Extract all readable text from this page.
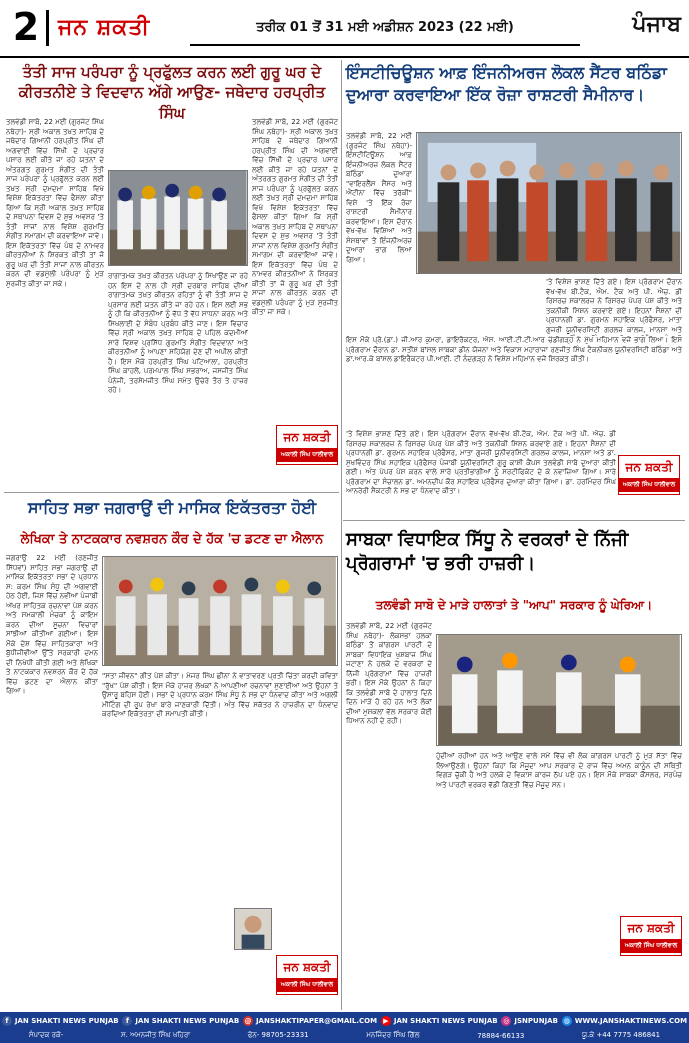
2 ਜਨ ਸ਼ਕਤੀ	ਤਰੀਕ 01 ਤੋਂ 31 ਮਈ ਅਡੀਸ਼ਨ 2023 (22 ਮਈ)	ਪੰਜਾਬ
ਤੰਤੀ ਸਾਜ ਪਰੰਪਰਾ ਨੂੰ ਪ੍ਰਫੁੱਲਤ ਕਰਨ ਲਈ ਗੁਰੂ ਘਰ ਦੇ ਕੀਰਤਨੀਏ ਤੇ ਵਿਦਵਾਨ ਅੱਗੇ ਆਉਣ- ਜਥੇਦਾਰ ਹਰਪ੍ਰੀਤ ਸਿੰਘ
ਤਲਵੰਡੀ ਸਾਬੋ, 22 ਮਈ (ਗੁਰਜੰਟ ਸਿੰਘ ਨਥੇਹਾ)- ਸ੍ਰੀ ਅਕਾਲ ਤਖ਼ਤ ਸਾਹਿਬ ਦੇ ਜਥੇਦਾਰ ਗਿਆਨੀ ਹਰਪ੍ਰੀਤ ਸਿੰਘ ਦੀ ਅਗਵਾਈ ਵਿੱਚ ਸਿੱਖੀ ਦੇ ਪ੍ਰਚਾਰ ਪਸਾਰ ਲਈ ਕੀਤੇ ਜਾ ਰਹੇ ਯਤਨਾਂ ਦੇ ਅੰਤਰਗਤ ਗੁਰਮਤ ਸੰਗੀਤ ਦੀ ਤੰਤੀ ਸਾਜ ਪਰੰਪਰਾ ਨੂੰ ਪ੍ਰਫੁੱਲਤ ਕਰਨ ਲਈ ਤਖ਼ਤ ਸ੍ਰੀ ਦਮਦਮਾ ਸਾਹਿਬ ਵਿਖੇ ਵਿਸ਼ੇਸ਼ ਇਕੱਤਰਤਾ ਵਿੱਚ ਫੈਸਲਾ ਕੀਤਾ ਗਿਆ ਕਿ ਸ੍ਰੀ ਅਕਾਲ ਤਖ਼ਤ ਸਾਹਿਬ ਦੇ ਸਥਾਪਨਾ ਦਿਵਸ ਦੇ ਸ਼ੁਭ ਅਵਸਰ 'ਤੇ ਤੰਤੀ ਸਾਜਾਂ ਨਾਲ ਵਿਸ਼ੇਸ਼ ਗੁਰਮਤਿ ਸੰਗੀਤ ਸਮਾਗਮ ਦੀ ਕਰਵਾਇਆ ਜਾਵੇ। ਇਸ ਇਕੱਤਰਤਾ ਵਿੱਚ ਪੰਥ ਦੇ ਨਾਮਵਰ ਕੀਰਤਨੀਆਂ ਨੇ ਸ਼ਿਰਕਤ ਕੀਤੀ ਤਾਂ ਜੋ ਗੁਰੂ ਘਰ ਦੀ ਤੰਤੀ ਸਾਜਾਂ ਨਾਲ ਕੀਰਤਨ ਕਰਨ ਦੀ ਵਡਮੁੱਲੀ ਪਰੰਪਰਾ ਨੂੰ ਮੁੜ ਸੁਰਜੀਤ ਕੀਤਾ ਜਾ ਸਕੇ।
ਰਾਗਾਤਮਕ ਤਖ਼ਤ ਕੀਰਤਨ ਪਰੰਪਰਾ ਨੂੰ ਸਿਖਾਉਣ ਜਾ ਰਹੇ ਹਨ ਇਸ ਦੇ ਨਾਲ ਹੀ ਸ੍ਰੀ ਦਰਬਾਰ ਸਾਹਿਬ ਦੀਆਂ ਰਾਗਾਤਮਕ ਤਖ਼ਤ ਕੀਰਤਨ ਰਹਿਤਾਂ ਨੂੰ ਵੀ ਤੰਤੀ ਸਾਜ ਦੇ ਪ੍ਰਸਾਰ ਲਈ ਯਤਨ ਕੀਤੇ ਜਾ ਰਹੇ ਹਨ। ਇਸ ਲਈ ਸਭ ਨੂੰ ਹੀ ਕਿ ਕੀਰਤਨੀਆਂ ਨੂੰ ਵੱਧ ਤੋਂ ਵੱਧ ਸਾਧਨਾ ਕਰਨ ਅਤੇ ਸਿਖਲਾਈ ਦੇ ਸੰਬੰਧ ਪ੍ਰਬੰਧ ਕੀਤੇ ਜਾਣ। ਇਸ ਵਿਚਾਰ ਵਿੱਚ ਸ੍ਰੀ ਅਕਾਲ ਤਖ਼ਤ ਸਾਹਿਬ ਦੇ ਪਹਿਲ ਕਦਮੀਆਂ ਸਾਰੇ ਵਿਸ਼ਵ ਪ੍ਰਸਿੱਧ ਗੁਰਮਤਿ ਸੰਗੀਤ ਵਿਦਵਾਨਾਂ ਅਤੇ ਕੀਰਤਨੀਆਂ ਨੂੰ ਆਪਣਾ ਸਹਿਯੋਗ ਦੇਣ ਦੀ ਅਪੀਲ ਕੀਤੀ ਹੈ। ਇਸ ਮੌਕੇ ਹਰਪ੍ਰੀਤ ਸਿੰਘ ਪਟਿਆਲਾ, ਹਰਪ੍ਰੀਤ ਸਿੰਘ ਕਾਹਲੋਂ, ਪਰਮਪਾਲ ਸਿੰਘ ਸਭਰਾਅ, ਜਸਜੀਤ ਸਿੰਘ ਪੰਨੇਜੀ, ਤਰਸੇਮਜੀਤ ਸਿੰਘ ਸਮੇਤ ਉਚੇਰੇ ਤੌਰ ਤੇ ਹਾਜ਼ਰ ਰਹੇ।
ਤਲਵੰਡੀ ਸਾਬੋ, 22 ਮਈ (ਗੁਰਜੰਟ ਸਿੰਘ ਨਥੇਹਾ)- ਸ੍ਰੀ ਅਕਾਲ ਤਖ਼ਤ ਸਾਹਿਬ ਦੇ ਜਥੇਦਾਰ ਗਿਆਨੀ ਹਰਪ੍ਰੀਤ ਸਿੰਘ ਦੀ ਅਗਵਾਈ ਵਿੱਚ ਸਿੱਖੀ ਦੇ ਪ੍ਰਚਾਰ ਪਸਾਰ ਲਈ ਕੀਤੇ ਜਾ ਰਹੇ ਯਤਨਾਂ ਦੇ ਅੰਤਰਗਤ ਗੁਰਮਤ ਸੰਗੀਤ ਦੀ ਤੰਤੀ ਸਾਜ ਪਰੰਪਰਾ ਨੂੰ ਪ੍ਰਫੁੱਲਤ ਕਰਨ ਲਈ ਤਖ਼ਤ ਸ੍ਰੀ ਦਮਦਮਾ ਸਾਹਿਬ ਵਿਖੇ ਵਿਸ਼ੇਸ਼ ਇਕੱਤਰਤਾ ਵਿੱਚ ਫੈਸਲਾ ਕੀਤਾ ਗਿਆ ਕਿ ਸ੍ਰੀ ਅਕਾਲ ਤਖ਼ਤ ਸਾਹਿਬ ਦੇ ਸਥਾਪਨਾ ਦਿਵਸ ਦੇ ਸ਼ੁਭ ਅਵਸਰ 'ਤੇ ਤੰਤੀ ਸਾਜਾਂ ਨਾਲ ਵਿਸ਼ੇਸ਼ ਗੁਰਮਤਿ ਸੰਗੀਤ ਸਮਾਗਮ ਦੀ ਕਰਵਾਇਆ ਜਾਵੇ। ਇਸ ਇਕੱਤਰਤਾ ਵਿੱਚ ਪੰਥ ਦੇ ਨਾਮਵਰ ਕੀਰਤਨੀਆਂ ਨੇ ਸ਼ਿਰਕਤ ਕੀਤੀ ਤਾਂ ਜੋ ਗੁਰੂ ਘਰ ਦੀ ਤੰਤੀ ਸਾਜਾਂ ਨਾਲ ਕੀਰਤਨ ਕਰਨ ਦੀ ਵਡਮੁੱਲੀ ਪਰੰਪਰਾ ਨੂੰ ਮੁੜ ਸੁਰਜੀਤ ਕੀਤਾ ਜਾ ਸਕੇ।
ਜਨ ਸ਼ਕਤੀ
ਅਕਾਲੀ ਸਿੰਘ ਧਾਲੀਵਾਲ
ਇੰਸਟੀਚਿਊਸ਼ਨ ਆਫ਼ ਇੰਜਨੀਅਰਜ ਲੋਕਲ ਸੈਂਟਰ ਬਠਿੰਡਾ ਦੁਆਰਾ ਕਰਵਾਇਆ ਇੱਕ ਰੋਜ਼ਾ ਰਾਸ਼ਟਰੀ ਸੈਮੀਨਾਰ।
ਤਲਵੰਡੀ ਸਾਬੋ, 22 ਮਈ (ਗੁਰਜੰਟ ਸਿੰਘ ਨਥੇਹਾ)- ਇੰਸਟੀਟਿਊਸ਼ਨ ਆਫ਼ ਇੰਜਨੀਅਰਜ਼ ਲੋਕਲ ਸੈਂਟਰ ਬਠਿੰਡਾ ਦੁਆਰਾ "ਵਾਇਰਲੈੱਸ ਸੈਂਸਰ ਅਤੇ ਐਂਟੀਨਾ ਵਿੱਚ ਤਰੱਕੀ" ਵਿਸ਼ੇ 'ਤੇ ਇੱਕ ਰੋਜ਼ਾ ਰਾਸ਼ਟਰੀ ਸੈਮੀਨਾਰ ਕਰਵਾਇਆ। ਇਸ ਦੌਰਾਨ ਵੱਖ-ਵੱਖ ਵਿਸ਼ਿਆਂ ਅਤੇ ਸੰਸਥਾਵਾਂ ਤੋਂ ਇੰਜਨੀਅਰਜ਼ ਦੁਆਰਾ ਭਾਗ ਲਿਆ ਗਿਆ।
ਇਸ ਮੌਕੇ ਪ੍ਰੋ.(ਡਾ.) ਜੀ.ਆਰ ਕੁਮਰਾ, ਡਾਇਰੈਕਟਰ, ਐਸ. ਆਈ.ਟੀ.ਟੀ.ਆਰ ਚੰਡੀਗੜ੍ਹ ਨੇ ਮੁੱਖ ਮਹਿਮਾਨ ਵਜੋਂ ਭਾਗ ਲਿਆ। ਇਸ ਪ੍ਰੋਗਰਾਮ ਦੌਰਾਨ ਡਾ. ਸਤੀਸ਼ ਬਾਂਸਲ ਸਾਬਕਾ ਡੀਨ ਯੋਜਨਾ ਅਤੇ ਵਿਕਾਸ ਮਹਾਰਾਜਾ ਰਣਜੀਤ ਸਿੰਘ ਟੈਕਨੀਕਲ ਯੂਨੀਵਰਸਿਟੀ ਬਠਿੰਡਾ ਅਤੇ ਡਾ.ਆਰ.ਕੇ ਬਾਂਸਲ ਡਾਇਰੈਕਟਰ ਪੀ.ਆਈ. ਟੀ ਨੰਦਗੜ੍ਹ ਨੇ ਵਿਸ਼ੇਸ਼ ਮਹਿਮਾਨ ਵਜੋਂ ਸ਼ਿਰਕਤ ਕੀਤੀ।
'ਤੇ ਵਿਸ਼ੇਸ਼ ਭਾਸ਼ਣ ਦਿੱਤੇ ਗਏ। ਇਸ ਪ੍ਰੋਗਰਾਮ ਦੌਰਾਨ ਵੱਖ-ਵੱਖ ਬੀ.ਟੈਕ, ਐਮ. ਟੈਕ ਅਤੇ ਪੀ. ਐਚ. ਡੀ ਰਿਸਰਚ ਸਕਾਲਰਜ਼ ਨੇ ਰਿਸਰਚ ਪੇਪਰ ਪੇਸ਼ ਕੀਤੇ ਅਤੇ ਤਕਨੀਕੀ ਸਿਸ਼ਨ ਕਰਵਾਏ ਗਏ। ਇਹਨਾਂ ਸੈਸ਼ਨਾਂ ਦੀ ਪ੍ਰਧਾਨਗੀ ਡਾ. ਗੁਰਮਨ ਸਹਾਇਕ ਪ੍ਰੋਫੈਸਰ, ਮਾਤਾ ਗੁਜਰੀ ਯੂਨੀਵਰਸਿਟੀ ਗਰਲਜ਼ ਕਾਲਜ, ਮਾਨਸਾ ਅਤੇ
'ਤੇ ਵਿਸ਼ੇਸ਼ ਭਾਸ਼ਣ ਦਿੱਤੇ ਗਏ। ਇਸ ਪ੍ਰੋਗਰਾਮ ਦੌਰਾਨ ਵੱਖ-ਵੱਖ ਬੀ.ਟੈਕ, ਐਮ. ਟੈਕ ਅਤੇ ਪੀ. ਐਚ. ਡੀ ਰਿਸਰਚ ਸਕਾਲਰਜ਼ ਨੇ ਰਿਸਰਚ ਪੇਪਰ ਪੇਸ਼ ਕੀਤੇ ਅਤੇ ਤਕਨੀਕੀ ਸਿਸ਼ਨ ਕਰਵਾਏ ਗਏ। ਇਹਨਾਂ ਸੈਸ਼ਨਾਂ ਦੀ ਪ੍ਰਧਾਨਗੀ ਡਾ. ਗੁਰਮਨ ਸਹਾਇਕ ਪ੍ਰੋਫੈਸਰ, ਮਾਤਾ ਗੁਜਰੀ ਯੂਨੀਵਰਸਿਟੀ ਗਰਲਜ਼ ਕਾਲਜ, ਮਾਨਸਾ ਅਤੇ ਡਾ. ਸੁਖਵਿੰਦਰ ਸਿੰਘ ਸਹਾਇਕ ਪ੍ਰੋਫੈਸਰ ਪੰਜਾਬੀ ਯੂਨੀਵਰਸਿਟੀ ਗੁਰੂ ਕਾਸ਼ੀ ਕੈਂਪਸ ਤਲਵੰਡੀ ਸਾਬੋ ਦੁਆਰਾ ਕੀਤੀ ਗਈ। ਅੰਤ ਪੇਪਰ ਪੇਸ਼ ਕਰਨ ਵਾਲੇ ਸਾਰੇ ਪ੍ਰਤੀਭਾਗੀਆਂ ਨੂੰ ਸਰਟੀਫਿਕੇਟ ਦੇ ਕੇ ਨਵਾਜ਼ਿਆ ਗਿਆ। ਸਾਰੇ ਪ੍ਰੋਗਰਾਮ ਦਾ ਸੰਚਾਲਨ ਡਾ. ਅਮਨਦੀਪ ਕੌਰ ਸਹਾਇਕ ਪ੍ਰੋਫੈਸਰ ਦੁਆਰਾ ਕੀਤਾ ਗਿਆ। ਡਾ. ਹਰਮਿੰਦਰ ਸਿੰਘ ਆਨਰੇਰੀ ਸੈਕਟਰੀ ਨੇ ਸਭ ਦਾ ਧੰਨਵਾਦ ਕੀਤਾ।
ਜਨ ਸ਼ਕਤੀ
ਅਕਾਲੀ ਸਿੰਘ ਧਾਲੀਵਾਲ
ਸਾਹਿਤ ਸਭਾ ਜਗਰਾਉਂ ਦੀ ਮਾਸਿਕ ਇਕੱਤਰਤਾ ਹੋਈ
ਲੇਖਿਕਾ ਤੇ ਨਾਟਕਕਾਰ ਨਵਸ਼ਰਨ ਕੌਰ ਦੇ ਹੱਕ 'ਚ ਡਟਣ ਦਾ ਐਲਾਨ
ਜਗਰਾਉਂ 22 ਮਈ (ਰਣਜੀਤ ਸਿੱਧਵਾਂ) ਸਾਹਿਤ ਸਭਾ ਜਗਰਾਉਂ ਦੀ ਮਾਸਿਕ ਇਕੱਤਰਤਾ ਸਭਾ ਦੇ ਪ੍ਰਧਾਨ ਸ: ਕਰਮ ਸਿੰਘ ਸੰਧੂ ਦੀ ਅਗਵਾਈ ਹੇਠ ਹੋਈ, ਜਿਸ ਵਿੱਚ ਨਵੀਆਂ ਪੰਜਾਬੀ ਅੱਖਰ ਸਾਹਿਤਕ ਰਚਨਾਵਾਂ ਪੇਸ਼ ਕਰਨ ਅਤੇ ਸਮਕਾਲੀ ਮੰਚਕਾਂ ਨੂੰ ਕਾਇਮ ਕਰਨ ਦੀਆਂ ਸੂਚਨਾ ਵਿਚਾਰਾਂ ਸਾਂਝੀਆਂ ਕੀਤੀਆਂ ਗਈਆਂ। ਇਸ ਮੌਕੇ ਦੇਸ਼ ਵਿੱਚ ਸਾਹਿਤਕਾਰਾਂ ਅਤੇ ਬੁੱਧੀਜੀਵੀਆਂ ਉੱਤੇ ਸਰਕਾਰੀ ਦਮਨ ਦੀ ਨਿਖੇਧੀ ਕੀਤੀ ਗਈ ਅਤੇ ਲੇਖਿਕਾ ਤੇ ਨਾਟਕਕਾਰ ਨਵਸ਼ਰਨ ਕੌਰ ਦੇ ਹੱਕ ਵਿੱਚ ਡਟਣ ਦਾ ਐਲਾਨ ਕੀਤਾ ਗਿਆ।
"ਸਤਾ ਜੀਵਨ" ਗੀਤ ਪੇਸ਼ ਕੀਤਾ। ਮੇਜਰ ਸਿੰਘ ਛੀਨਾ ਨੇ ਵਾਤਾਵਰਣ ਪ੍ਰਤੀ ਚਿੰਤਾ ਕਰਦੀ ਕਵਿਤਾ "ਰੁੱਖ" ਪੇਸ਼ ਕੀਤੀ। ਇਸ ਮੌਕੇ ਹਾਜ਼ਰ ਲੇਖਕਾਂ ਨੇ ਆਪਣੀਆਂ ਰਚਨਾਵਾਂ ਸੁਣਾਈਆਂ ਅਤੇ ਉਹਨਾਂ ਤੇ ਉਸਾਰੂ ਬਹਿਸ ਹੋਈ। ਸਭਾ ਦੇ ਪ੍ਰਧਾਨ ਕਰਮ ਸਿੰਘ ਸੰਧੂ ਨੇ ਸਭ ਦਾ ਧੰਨਵਾਦ ਕੀਤਾ ਅਤੇ ਅਗਲੀ ਮੀਟਿੰਗ ਦੀ ਰੂਪ ਰੇਖਾ ਬਾਰੇ ਜਾਣਕਾਰੀ ਦਿੱਤੀ। ਅੰਤ ਵਿੱਚ ਸਕੱਤਰ ਨੇ ਹਾਜ਼ਰੀਨ ਦਾ ਧੰਨਵਾਦ ਕਰਦਿਆਂ ਇਕੱਤਰਤਾ ਦੀ ਸਮਾਪਤੀ ਕੀਤੀ।
ਜਨ ਸ਼ਕਤੀ
ਅਕਾਲੀ ਸਿੰਘ ਧਾਲੀਵਾਲ
ਸਾਬਕਾ ਵਿਧਾਇਕ ਸਿੱਧੂ ਨੇ ਵਰਕਰਾਂ ਦੇ ਨਿੱਜੀ ਪ੍ਰੋਗਰਾਮਾਂ 'ਚ ਭਰੀ ਹਾਜ਼ਰੀ।
ਤਲਵੰਡੀ ਸਾਬੋ ਦੇ ਮਾੜੇ ਹਾਲਾਤਾਂ ਤੇ "ਆਪ" ਸਰਕਾਰ ਨੂੰ ਘੇਰਿਆ।
ਤਲਵੰਡੀ ਸਾਬੋ, 22 ਮਈ (ਗੁਰਜੰਟ ਸਿੰਘ ਨਥੇਹਾ)- ਲੋਕਸਭਾ ਹਲਕਾ ਬਠਿੰਡਾ ਤੋਂ ਕਾਂਗਰਸ ਪਾਰਟੀ ਦੇ ਸਾਬਕਾ ਵਿਧਾਇਕ ਖੁਸ਼ਬਾਜ ਸਿੰਘ ਜਟਾਣਾ ਨੇ ਹਲਕੇ ਦੇ ਵਰਕਰਾਂ ਦੇ ਨਿੱਜੀ ਪ੍ਰੋਗਰਾਮਾਂ ਵਿੱਚ ਹਾਜ਼ਰੀ ਭਰੀ। ਇਸ ਮੌਕੇ ਉਹਨਾਂ ਨੇ ਕਿਹਾ ਕਿ ਤਲਵੰਡੀ ਸਾਬੋ ਦੇ ਹਾਲਾਤ ਦਿਨੋਂ ਦਿਨ ਮਾੜੇ ਹੋ ਰਹੇ ਹਨ ਅਤੇ ਲੋਕਾਂ ਦੀਆਂ ਮੁਸ਼ਕਲਾਂ ਵੱਲ ਸਰਕਾਰ ਕੋਈ ਧਿਆਨ ਨਹੀਂ ਦੇ ਰਹੀ।
ਹੁੰਦੀਆਂ ਰਹੀਆਂ ਹਨ ਅਤੇ ਆਉਣ ਵਾਲੇ ਸਮੇਂ ਵਿੱਚ ਵੀ ਲੋਕ ਕਾਂਗਰਸ ਪਾਰਟੀ ਨੂੰ ਮੁੜ ਸੱਤਾ ਵਿੱਚ ਲਿਆਉਣਗੇ। ਉਹਨਾਂ ਕਿਹਾ ਕਿ ਮੌਜੂਦਾ ਆਪ ਸਰਕਾਰ ਦੇ ਰਾਜ ਵਿੱਚ ਅਮਨ ਕਾਨੂੰਨ ਦੀ ਸਥਿਤੀ ਵਿਗੜ ਚੁੱਕੀ ਹੈ ਅਤੇ ਹਲਕੇ ਦੇ ਵਿਕਾਸ ਕਾਰਜ ਠੱਪ ਪਏ ਹਨ। ਇਸ ਮੌਕੇ ਸਾਬਕਾ ਕੌਂਸਲਰ, ਸਰਪੰਚ ਅਤੇ ਪਾਰਟੀ ਵਰਕਰ ਵੱਡੀ ਗਿਣਤੀ ਵਿੱਚ ਮੌਜੂਦ ਸਨ।
ਜਨ ਸ਼ਕਤੀ
ਅਕਾਲੀ ਸਿੰਘ ਧਾਲੀਵਾਲ
f JAN SHAKTI NEWS PUNJAB	f JAN SHAKTI NEWS PUNJAB @ JANSHAKTIPAPER@GMAIL.COM ▶ JAN SHAKTI NEWS PUNJAB ◎ JSNPUNJAB ◍ WWW.JANSHAKTINEWS.COM
ਸੰਪਾਦਕ ਰਕੋ-	ਸ. ਅਮਨਜੀਤ ਸਿੰਘ ਖਹਿਰਾ	ਫੋਨ- 98705-23331	ਮਨਜਿੰਦਰ ਸਿੰਘ ਗਿੱਲ	78884-66133	ਯੂ.ਕੇ +44 7775 486841
